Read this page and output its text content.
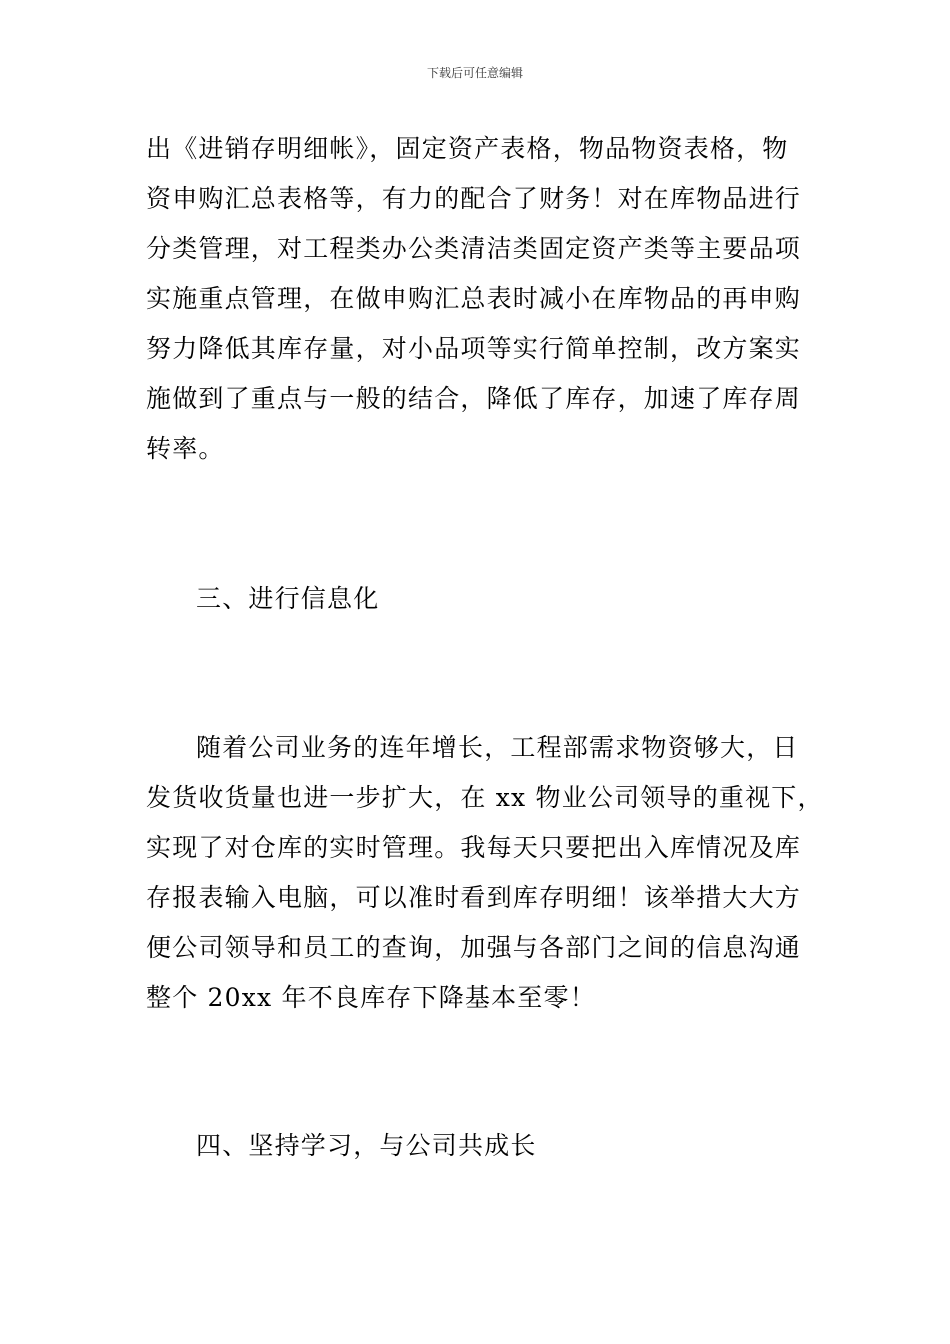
下载后可任意编辑
出《进销存明细帐》，固定资产表格，物品物资表格，物
资申购汇总表格等，有力的配合了财务！对在库物品进行
分类管理，对工程类办公类清洁类固定资产类等主要品项
实施重点管理，在做申购汇总表时减小在库物品的再申购
努力降低其库存量，对小品项等实行简单控制，改方案实
施做到了重点与一般的结合，降低了库存，加速了库存周
转率。
三、进行信息化
随着公司业务的连年增长，工程部需求物资够大，日
发货收货量也进一步扩大，在 xx 物业公司领导的重视下，
实现了对仓库的实时管理。我每天只要把出入库情况及库
存报表输入电脑，可以准时看到库存明细！该举措大大方
便公司领导和员工的查询，加强与各部门之间的信息沟通
整个 20xx 年不良库存下降基本至零！
四、坚持学习，与公司共成长
